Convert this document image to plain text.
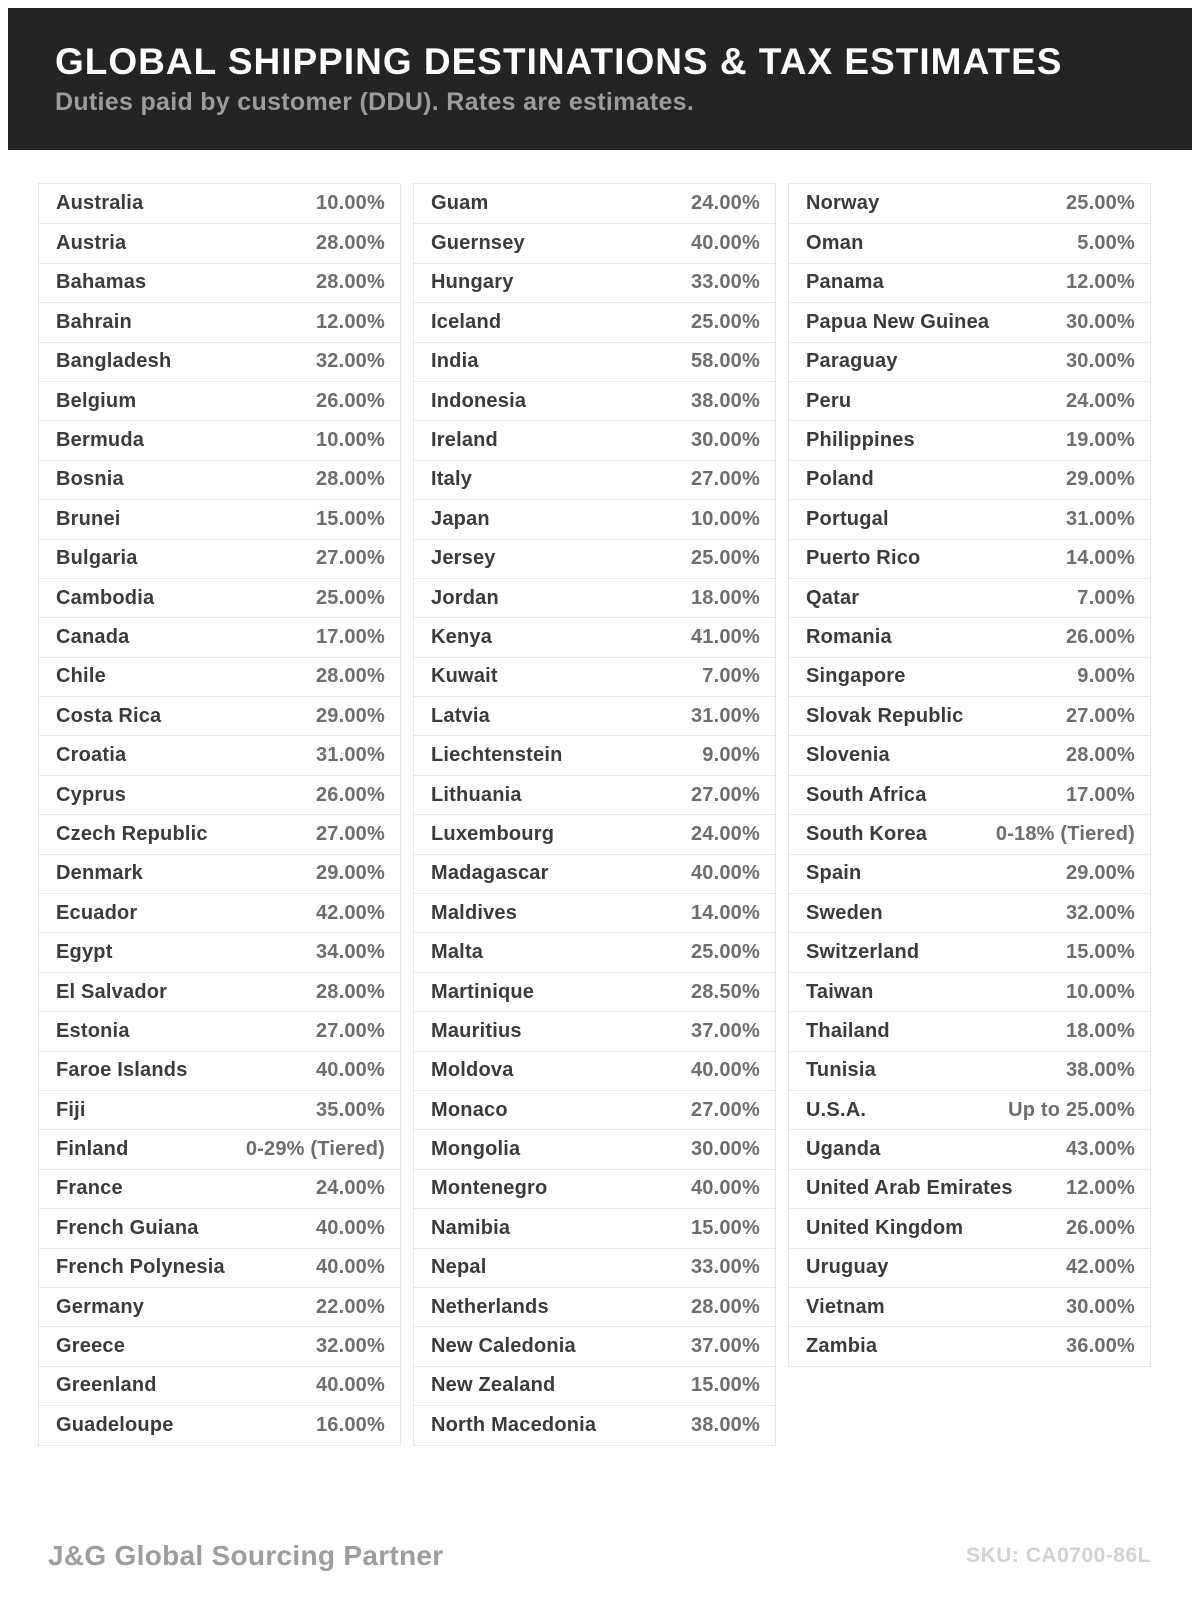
GLOBAL SHIPPING DESTINATIONS & TAX ESTIMATES
Duties paid by customer (DDU). Rates are estimates.
Australia	10.00%
Austria	28.00%
Bahamas	28.00%
Bahrain	12.00%
Bangladesh	32.00%
Belgium	26.00%
Bermuda	10.00%
Bosnia	28.00%
Brunei	15.00%
Bulgaria	27.00%
Cambodia	25.00%
Canada	17.00%
Chile	28.00%
Costa Rica	29.00%
Croatia	31.00%
Cyprus	26.00%
Czech Republic	27.00%
Denmark	29.00%
Ecuador	42.00%
Egypt	34.00%
El Salvador	28.00%
Estonia	27.00%
Faroe Islands	40.00%
Fiji	35.00%
Finland	0-29% (Tiered)
France	24.00%
French Guiana	40.00%
French Polynesia	40.00%
Germany	22.00%
Greece	32.00%
Greenland	40.00%
Guadeloupe	16.00%
Guam	24.00%
Guernsey	40.00%
Hungary	33.00%
Iceland	25.00%
India	58.00%
Indonesia	38.00%
Ireland	30.00%
Italy	27.00%
Japan	10.00%
Jersey	25.00%
Jordan	18.00%
Kenya	41.00%
Kuwait	7.00%
Latvia	31.00%
Liechtenstein	9.00%
Lithuania	27.00%
Luxembourg	24.00%
Madagascar	40.00%
Maldives	14.00%
Malta	25.00%
Martinique	28.50%
Mauritius	37.00%
Moldova	40.00%
Monaco	27.00%
Mongolia	30.00%
Montenegro	40.00%
Namibia	15.00%
Nepal	33.00%
Netherlands	28.00%
New Caledonia	37.00%
New Zealand	15.00%
North Macedonia	38.00%
Norway	25.00%
Oman	5.00%
Panama	12.00%
Papua New Guinea	30.00%
Paraguay	30.00%
Peru	24.00%
Philippines	19.00%
Poland	29.00%
Portugal	31.00%
Puerto Rico	14.00%
Qatar	7.00%
Romania	26.00%
Singapore	9.00%
Slovak Republic	27.00%
Slovenia	28.00%
South Africa	17.00%
South Korea	0-18% (Tiered)
Spain	29.00%
Sweden	32.00%
Switzerland	15.00%
Taiwan	10.00%
Thailand	18.00%
Tunisia	38.00%
U.S.A.	Up to 25.00%
Uganda	43.00%
United Arab Emirates	12.00%
United Kingdom	26.00%
Uruguay	42.00%
Vietnam	30.00%
Zambia	36.00%
J&G Global Sourcing Partner	SKU: CA0700-86L
